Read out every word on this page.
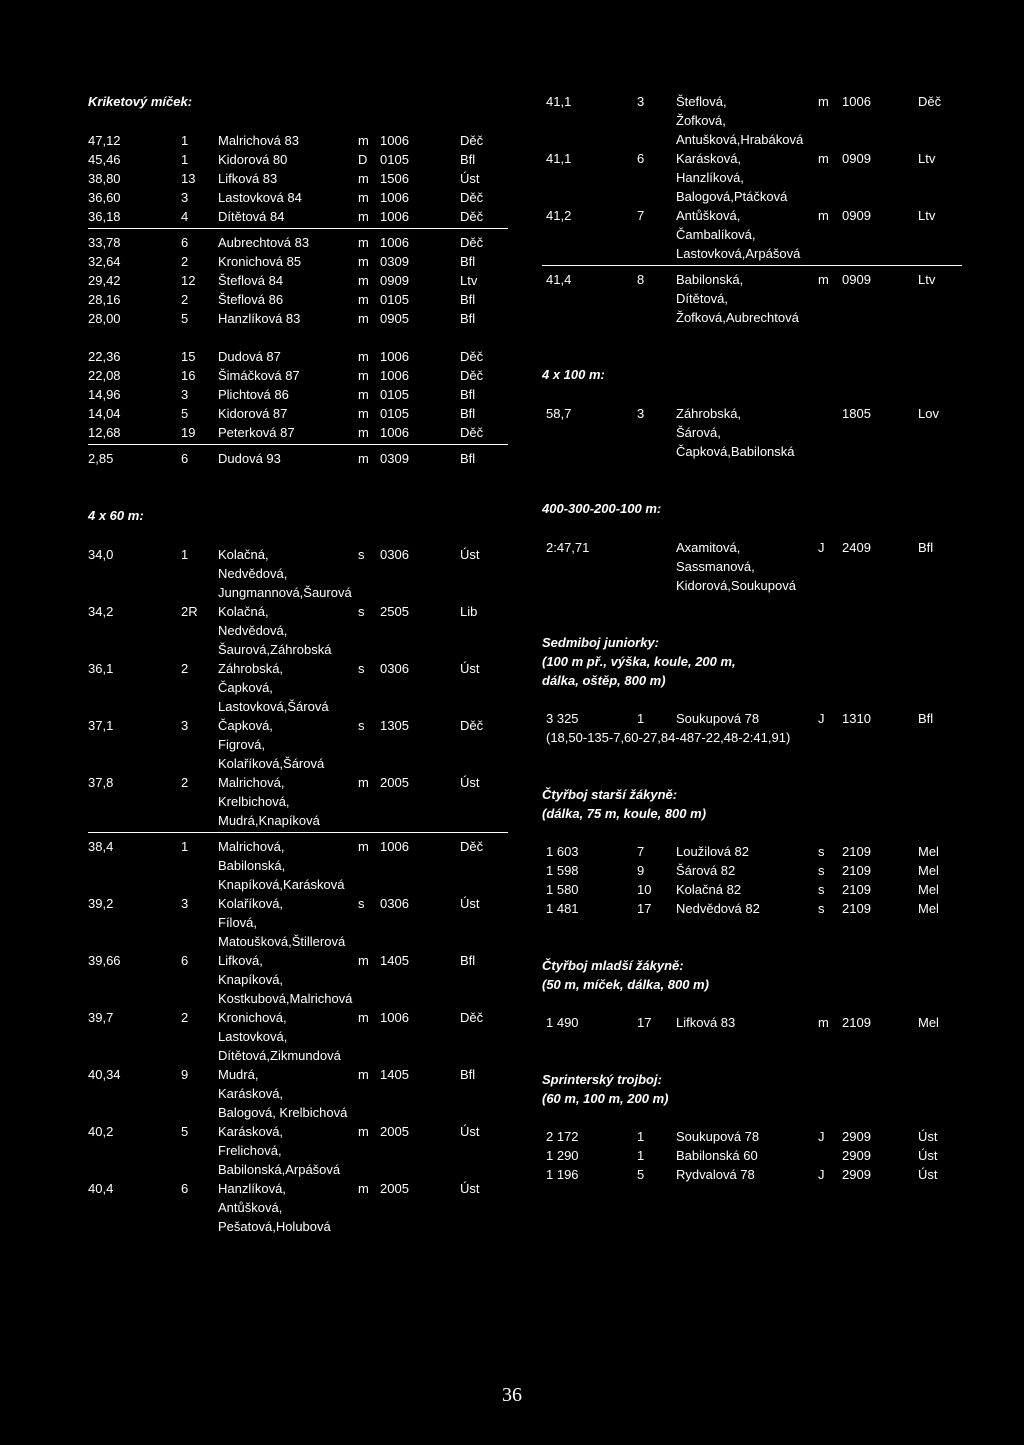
Kriketový míček:
47,12	1 Malrichová 83	m 1006	Děč
45,46	1 Kidorová 80	D 0105	Bfl
38,80	13 Lifková 83	m 1506	Úst
36,60	3 Lastovková 84	m 1006	Děč
36,18	4 Dítětová 84	m 1006	Děč
33,78	6 Aubrechtová 83	m 1006	Děč
32,64	2 Kronichová 85	m 0309	Bfl
29,42	12 Šteflová 84	m 0909	Ltv
28,16	2 Šteflová 86	m 0105	Bfl
28,00	5 Hanzlíková 83	m 0905	Bfl
22,36	15 Dudová 87	m 1006	Děč
22,08	16 Šimáčková 87	m 1006	Děč
14,96	3 Plichtová 86	m 0105	Bfl
14,04	5 Kidorová 87	m 0105	Bfl
12,68	19 Peterková 87	m 1006	Děč
2,85	6 Dudová 93	m 0309	Bfl
4 x 60 m:
34,0	1 Kolačná,	s 0306	Úst
Nedvědová,
Jungmannová,Šaurová
34,2	2R Kolačná,	s 2505	Lib
Nedvědová,
Šaurová,Záhrobská
36,1	2 Záhrobská,	s 0306	Úst
Čapková,
Lastovková,Šárová
37,1	3 Čapková,	s 1305	Děč
Figrová,
Kolaříková,Šárová
37,8	2 Malrichová,	m 2005	Úst
Krelbichová,
Mudrá,Knapíková
38,4	1 Malrichová,	m 1006	Děč
Babilonská,
Knapíková,Karásková
39,2	3 Kolaříková,	s 0306	Úst
Fílová,
Matoušková,Štillerová
39,66	6 Lifková,	m 1405	Bfl
Knapíková,
Kostkubová,Malrichová
39,7	2 Kronichová,	m 1006	Děč
Lastovková,
Dítětová,Zikmundová
40,34	9 Mudrá,	m 1405	Bfl
Karásková,
Balogová, Krelbichová
40,2	5 Karásková,	m 2005	Úst
Frelichová,
Babilonská,Arpášová
40,4	6 Hanzlíková,	m 2005	Úst
Antůšková,
Pešatová,Holubová
41,1	3 Šteflová,	m 1006	Děč
Žofková,
Antušková,Hrabáková
41,1	6 Karásková,	m 0909	Ltv
Hanzlíková,
Balogová,Ptáčková
41,2	7 Antůšková,	m 0909	Ltv
Čambalíková,
Lastovková,Arpášová
41,4	8 Babilonská,	m 0909	Ltv
Dítětová,
Žofková,Aubrechtová
4 x 100 m:
58,7	3 Záhrobská,	1805	Lov
Šárová,
Čapková,Babilonská
400-300-200-100 m:
2:47,71	Axamitová,	J 2409	Bfl
Sassmanová,
Kidorová,Soukupová
Sedmiboj juniorky:
(100 m př., výška, koule, 200 m,
dálka, oštěp, 800 m)
3 325	1 Soukupová 78	J 1310	Bfl
(18,50-135-7,60-27,84-487-22,48-2:41,91)
Čtyřboj starší žákyně:
(dálka, 75 m, koule, 800 m)
1 603	7 Loužilová 82	s 2109	Mel
1 598	9 Šárová 82	s 2109	Mel
1 580	10 Kolačná 82	s 2109	Mel
1 481	17 Nedvědová 82	s 2109	Mel
Čtyřboj mladší žákyně:
(50 m, míček, dálka, 800 m)
1 490	17 Lifková 83	m 2109	Mel
Sprinterský trojboj:
(60 m, 100 m, 200 m)
2 172	1 Soukupová 78	J 2909	Úst
1 290	1 Babilonská 60	2909	Úst
1 196	5 Rydvalová 78	J 2909	Úst
36
